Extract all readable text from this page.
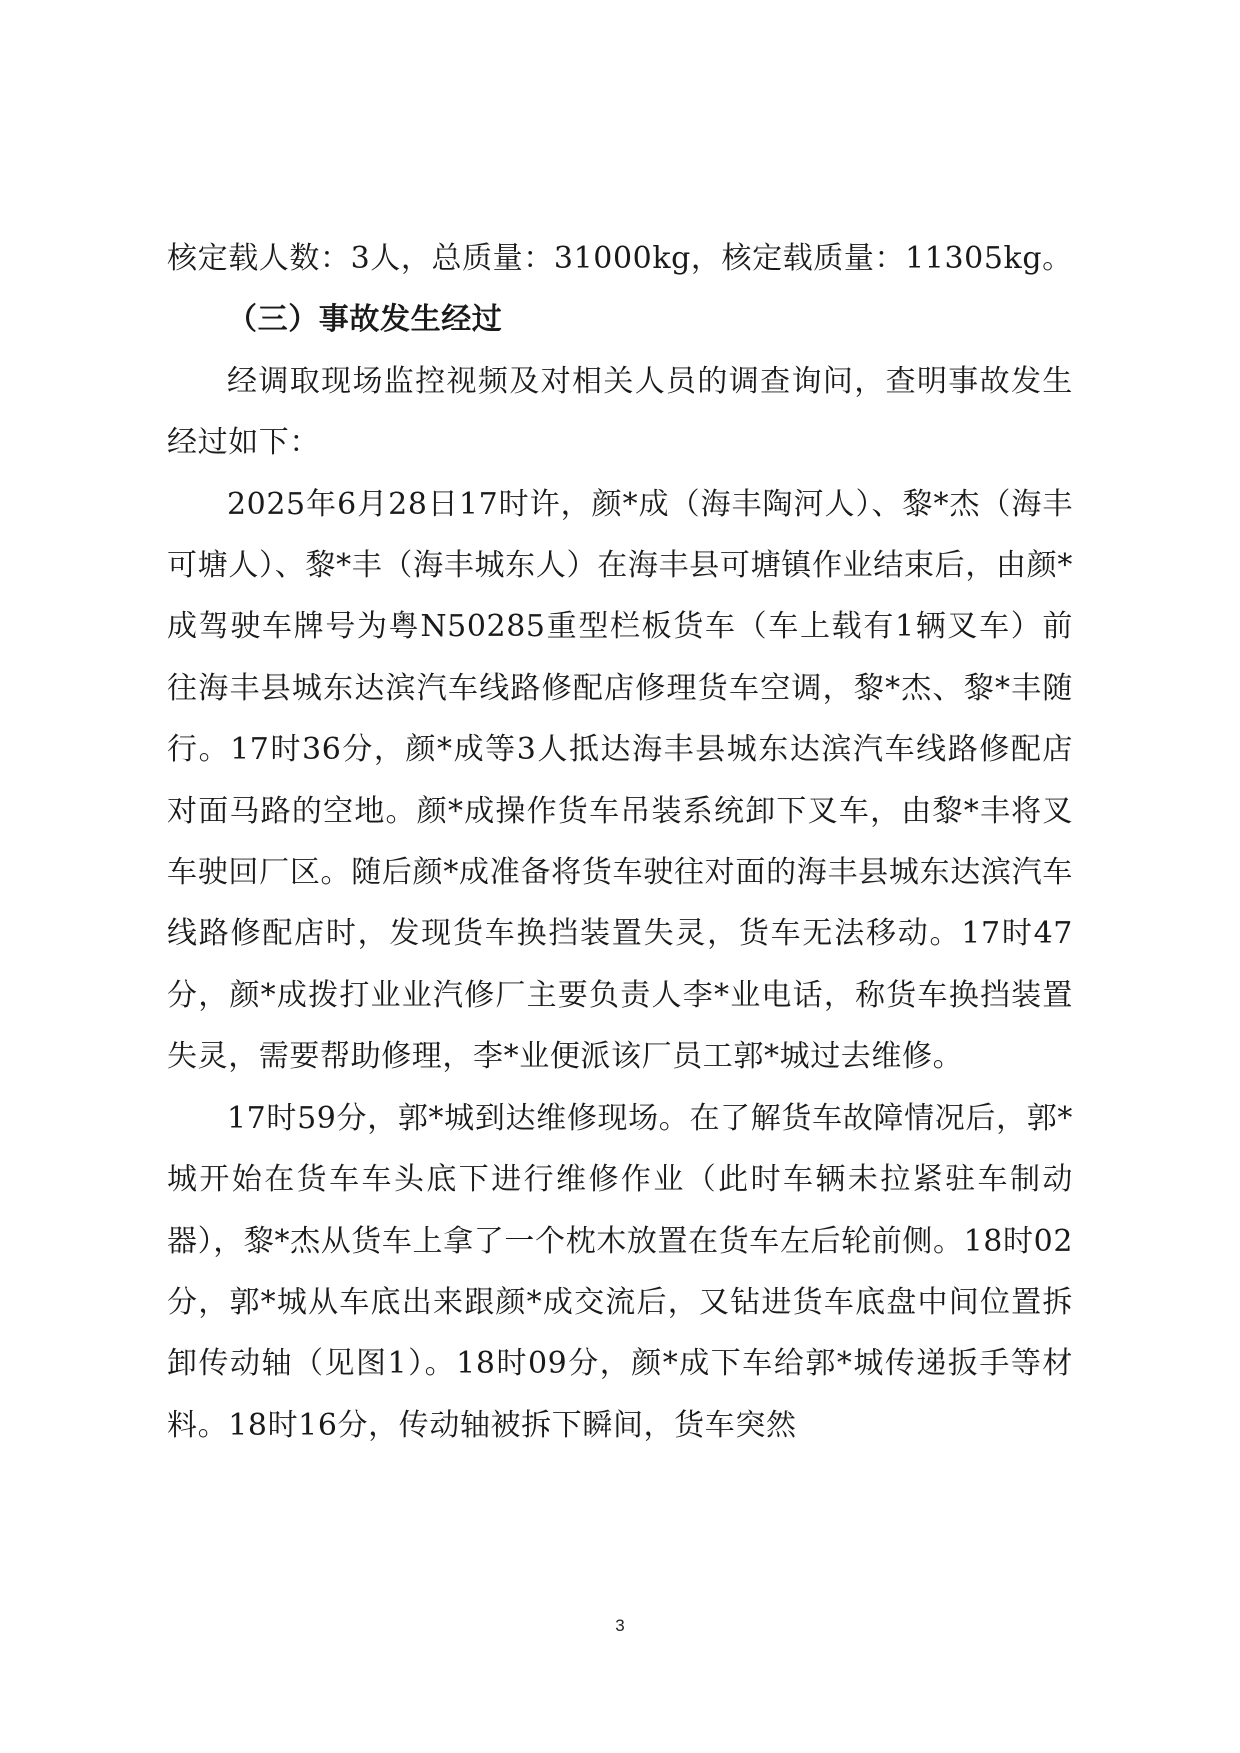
核定载人数：3人，总质量：31000kg，核定载质量：11305kg。

（三）事故发生经过

经调取现场监控视频及对相关人员的调查询问，查明事故发生经过如下：

2025年6月28日17时许，颜*成（海丰陶河人）、黎*杰（海丰可塘人）、黎*丰（海丰城东人）在海丰县可塘镇作业结束后，由颜*成驾驶车牌号为粤N50285重型栏板货车（车上载有1辆叉车）前往海丰县城东达滨汽车线路修配店修理货车空调，黎*杰、黎*丰随行。17时36分，颜*成等3人抵达海丰县城东达滨汽车线路修配店对面马路的空地。颜*成操作货车吊装系统卸下叉车，由黎*丰将叉车驶回厂区。随后颜*成准备将货车驶往对面的海丰县城东达滨汽车线路修配店时，发现货车换挡装置失灵，货车无法移动。17时47分，颜*成拨打业业汽修厂主要负责人李*业电话，称货车换挡装置失灵，需要帮助修理，李*业便派该厂员工郭*城过去维修。

17时59分，郭*城到达维修现场。在了解货车故障情况后，郭*城开始在货车车头底下进行维修作业（此时车辆未拉紧驻车制动器），黎*杰从货车上拿了一个枕木放置在货车左后轮前侧。18时02分，郭*城从车底出来跟颜*成交流后，又钻进货车底盘中间位置拆卸传动轴（见图1）。18时09分，颜*成下车给郭*城传递扳手等材料。18时16分，传动轴被拆下瞬间，货车突然

3
